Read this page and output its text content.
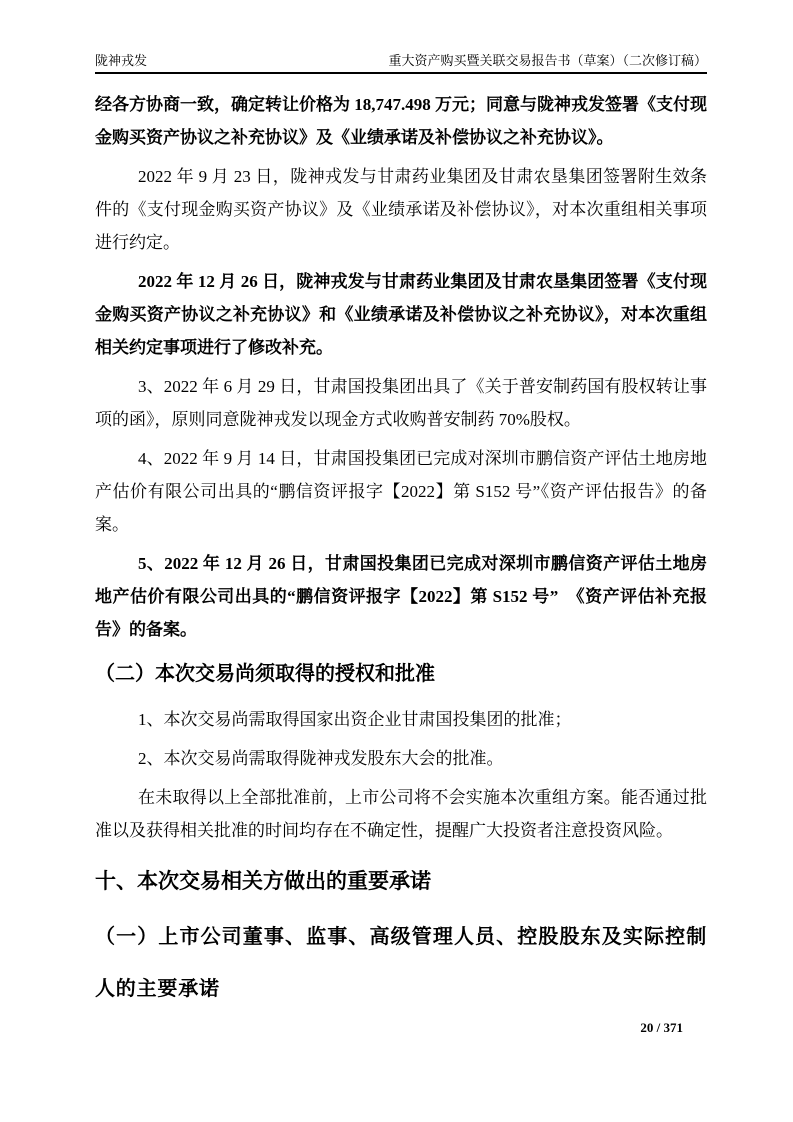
陇神戎发	重大资产购买暨关联交易报告书（草案）（二次修订稿）

经各方协商一致，确定转让价格为 18,747.498 万元；同意与陇神戎发签署《支付现金购买资产协议之补充协议》及《业绩承诺及补偿协议之补充协议》。

2022 年 9 月 23 日，陇神戎发与甘肃药业集团及甘肃农垦集团签署附生效条件的《支付现金购买资产协议》及《业绩承诺及补偿协议》，对本次重组相关事项进行约定。

2022 年 12 月 26 日，陇神戎发与甘肃药业集团及甘肃农垦集团签署《支付现金购买资产协议之补充协议》和《业绩承诺及补偿协议之补充协议》，对本次重组相关约定事项进行了修改补充。

3、2022 年 6 月 29 日，甘肃国投集团出具了《关于普安制药国有股权转让事项的函》，原则同意陇神戎发以现金方式收购普安制药 70%股权。

4、2022 年 9 月 14 日，甘肃国投集团已完成对深圳市鹏信资产评估土地房地产估价有限公司出具的“鹏信资评报字【2022】第 S152 号”《资产评估报告》的备案。

5、2022 年 12 月 26 日，甘肃国投集团已完成对深圳市鹏信资产评估土地房地产估价有限公司出具的“鹏信资评报字【2022】第 S152 号”　《资产评估补充报告》的备案。

（二）本次交易尚须取得的授权和批准

1、本次交易尚需取得国家出资企业甘肃国投集团的批准；

2、本次交易尚需取得陇神戎发股东大会的批准。

在未取得以上全部批准前，上市公司将不会实施本次重组方案。能否通过批准以及获得相关批准的时间均存在不确定性，提醒广大投资者注意投资风险。

十、本次交易相关方做出的重要承诺
（一）上市公司董事、监事、高级管理人员、控股股东及实际控制人的主要承诺
20 / 371
